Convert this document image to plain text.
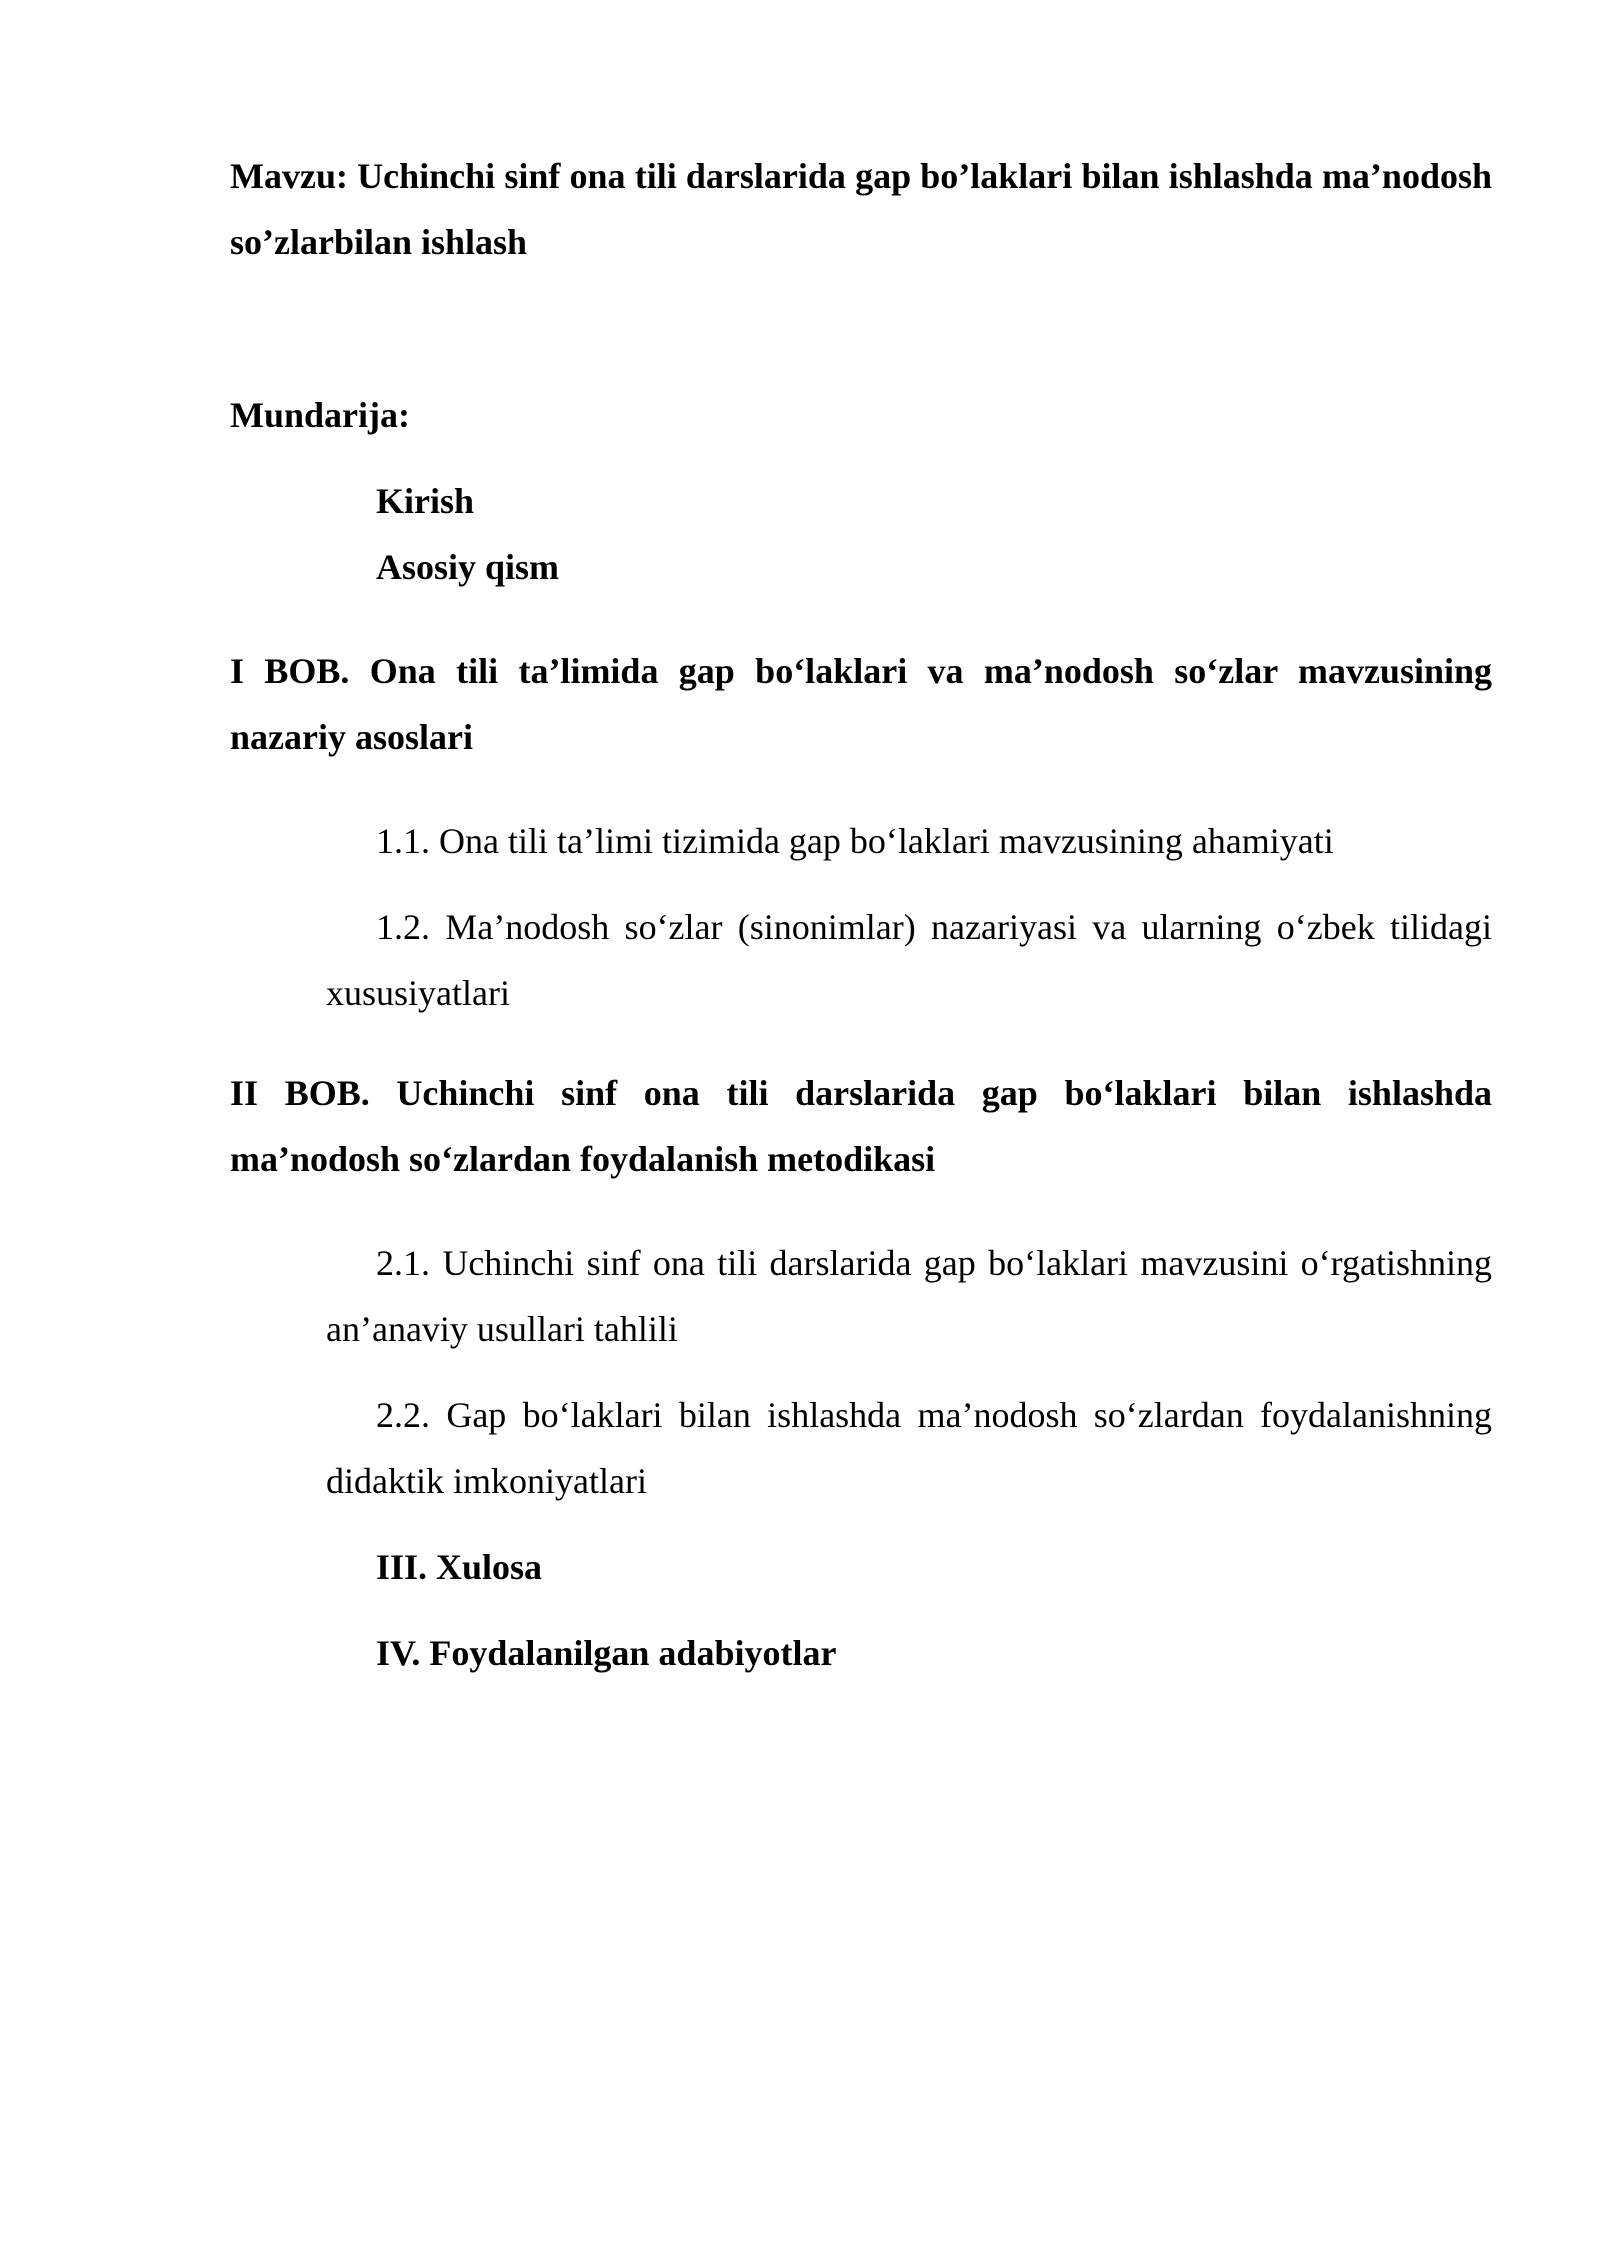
Mavzu: Uchinchi sinf ona tili darslarida gap bo’laklari bilan ishlashda ma’nodosh so’zlarbilan ishlash

Mundarija:

Kirish

Asosiy qism

I BOB. Ona tili ta’limida gap boʻlaklari va ma’nodosh soʻzlar mavzusining nazariy asoslari

1.1. Ona tili ta’limi tizimida gap boʻlaklari mavzusining ahamiyati

1.2. Ma’nodosh soʻzlar (sinonimlar) nazariyasi va ularning oʻzbek tilidagi xususiyatlari

II BOB. Uchinchi sinf ona tili darslarida gap boʻlaklari bilan ishlashda ma’nodosh soʻzlardan foydalanish metodikasi

2.1. Uchinchi sinf ona tili darslarida gap boʻlaklari mavzusini oʻrgatishning an’anaviy usullari tahlili

2.2. Gap boʻlaklari bilan ishlashda ma’nodosh soʻzlardan foydalanishning didaktik imkoniyatlari

III. Xulosa

IV. Foydalanilgan adabiyotlar
